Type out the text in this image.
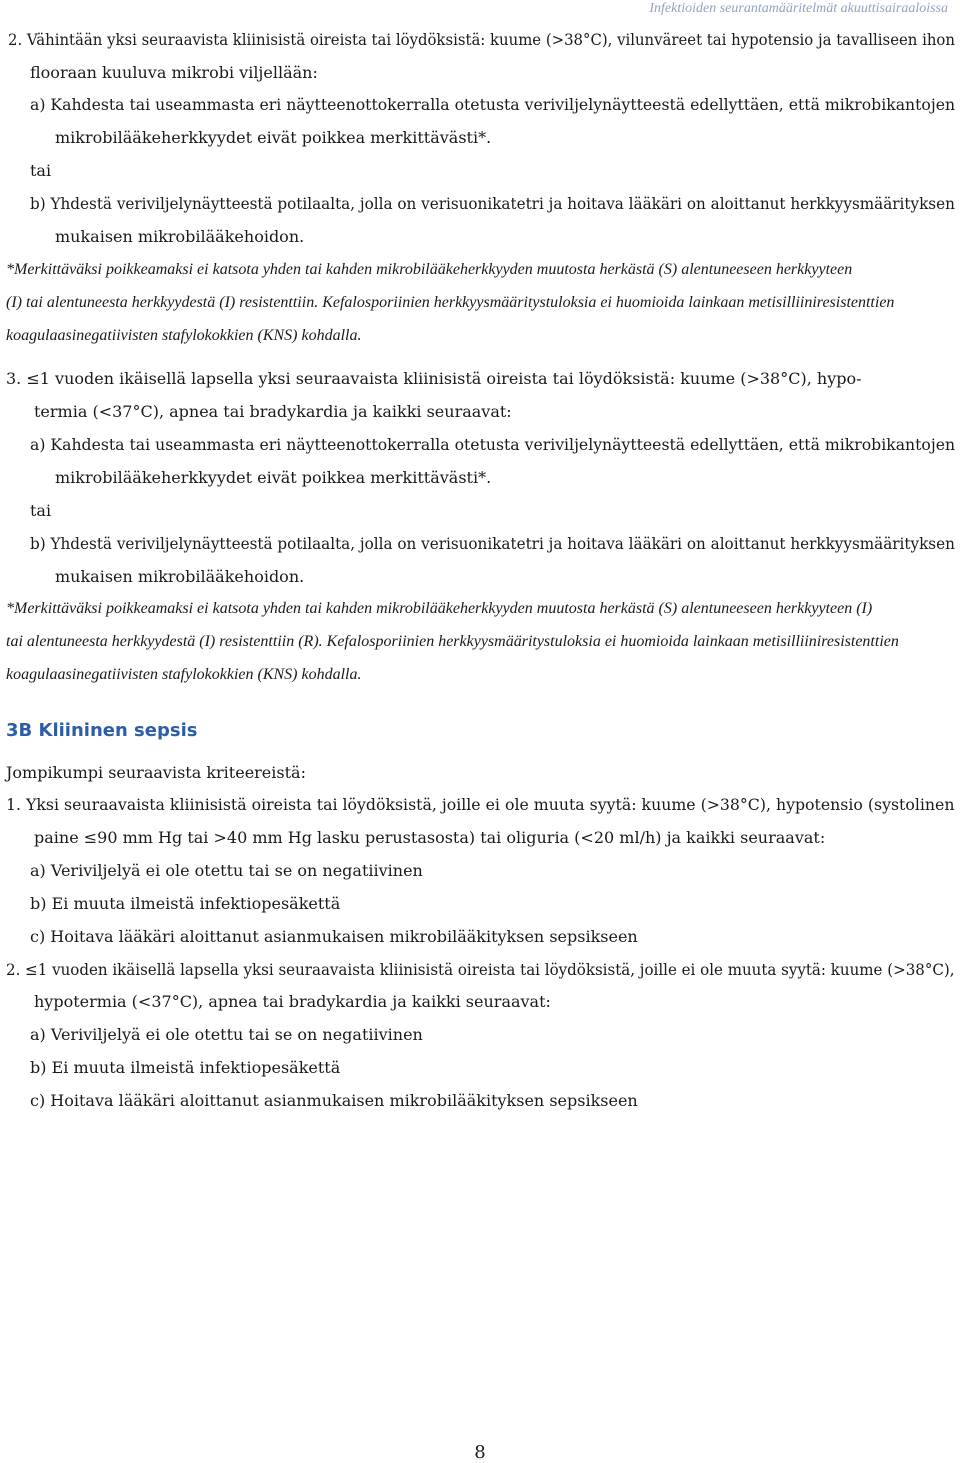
Infektioiden seurantamääritelmät akuuttisairaaloissa
2. Vähintään yksi seuraavista kliinisistä oireista tai löydöksistä: kuume (>38°C), vilunväreet tai hypotensio ja tavalliseen ihon
flooraan kuuluva mikrobi viljellään:
a) Kahdesta tai useammasta eri näytteenottokerralla otetusta veriviljelynäytteestä edellyttäen, että mikrobikantojen
mikrobilääkeherkkyydet eivät poikkea merkittävästi*.
tai
b) Yhdestä veriviljelynäytteestä potilaalta, jolla on verisuonikatetri ja hoitava lääkäri on aloittanut herkkyysmäärityksen
mukaisen mikrobilääkehoidon.
*Merkittäväksi poikkeamaksi ei katsota yhden tai kahden mikrobilääkeherkkyyden muutosta herkästä (S) alentuneeseen herkkyyteen
(I) tai alentuneesta herkkyydestä (I) resistenttiin. Kefalosporiinien herkkyysmääritystuloksia ei huomioida lainkaan metisilliiniresistenttien
koagulaasinegatiivisten stafylokokkien (KNS) kohdalla.
3. ≤1 vuoden ikäisellä lapsella yksi seuraavaista kliinisistä oireista tai löydöksistä: kuume (>38°C), hypo-
termia (<37°C), apnea tai bradykardia ja kaikki seuraavat:
a) Kahdesta tai useammasta eri näytteenottokerralla otetusta veriviljelynäytteestä edellyttäen, että mikrobikantojen
mikrobilääkeherkkyydet eivät poikkea merkittävästi*.
tai
b) Yhdestä veriviljelynäytteestä potilaalta, jolla on verisuonikatetri ja hoitava lääkäri on aloittanut herkkyysmäärityksen
mukaisen mikrobilääkehoidon.
*Merkittäväksi poikkeamaksi ei katsota yhden tai kahden mikrobilääkeherkkyyden muutosta herkästä (S) alentuneeseen herkkyyteen (I)
tai alentuneesta herkkyydestä (I) resistenttiin (R). Kefalosporiinien herkkyysmääritystuloksia ei huomioida lainkaan metisilliiniresistenttien
koagulaasinegatiivisten stafylokokkien (KNS) kohdalla.
Jompikumpi seuraavista kriteereistä:
1. Yksi seuraavaista kliinisistä oireista tai löydöksistä, joille ei ole muuta syytä: kuume (>38°C), hypotensio (systolinen
paine ≤90 mm Hg tai >40 mm Hg lasku perustasosta) tai oliguria (<20 ml/h) ja kaikki seuraavat:
a) Veriviljelyä ei ole otettu tai se on negatiivinen
b) Ei muuta ilmeistä infektiopesäkettä
c) Hoitava lääkäri aloittanut asianmukaisen mikrobilääkityksen sepsikseen
2. ≤1 vuoden ikäisellä lapsella yksi seuraavaista kliinisistä oireista tai löydöksistä, joille ei ole muuta syytä: kuume (>38°C),
hypotermia (<37°C), apnea tai bradykardia ja kaikki seuraavat:
a) Veriviljelyä ei ole otettu tai se on negatiivinen
b) Ei muuta ilmeistä infektiopesäkettä
c) Hoitava lääkäri aloittanut asianmukaisen mikrobilääkityksen sepsikseen
3B Kliininen sepsis
8
